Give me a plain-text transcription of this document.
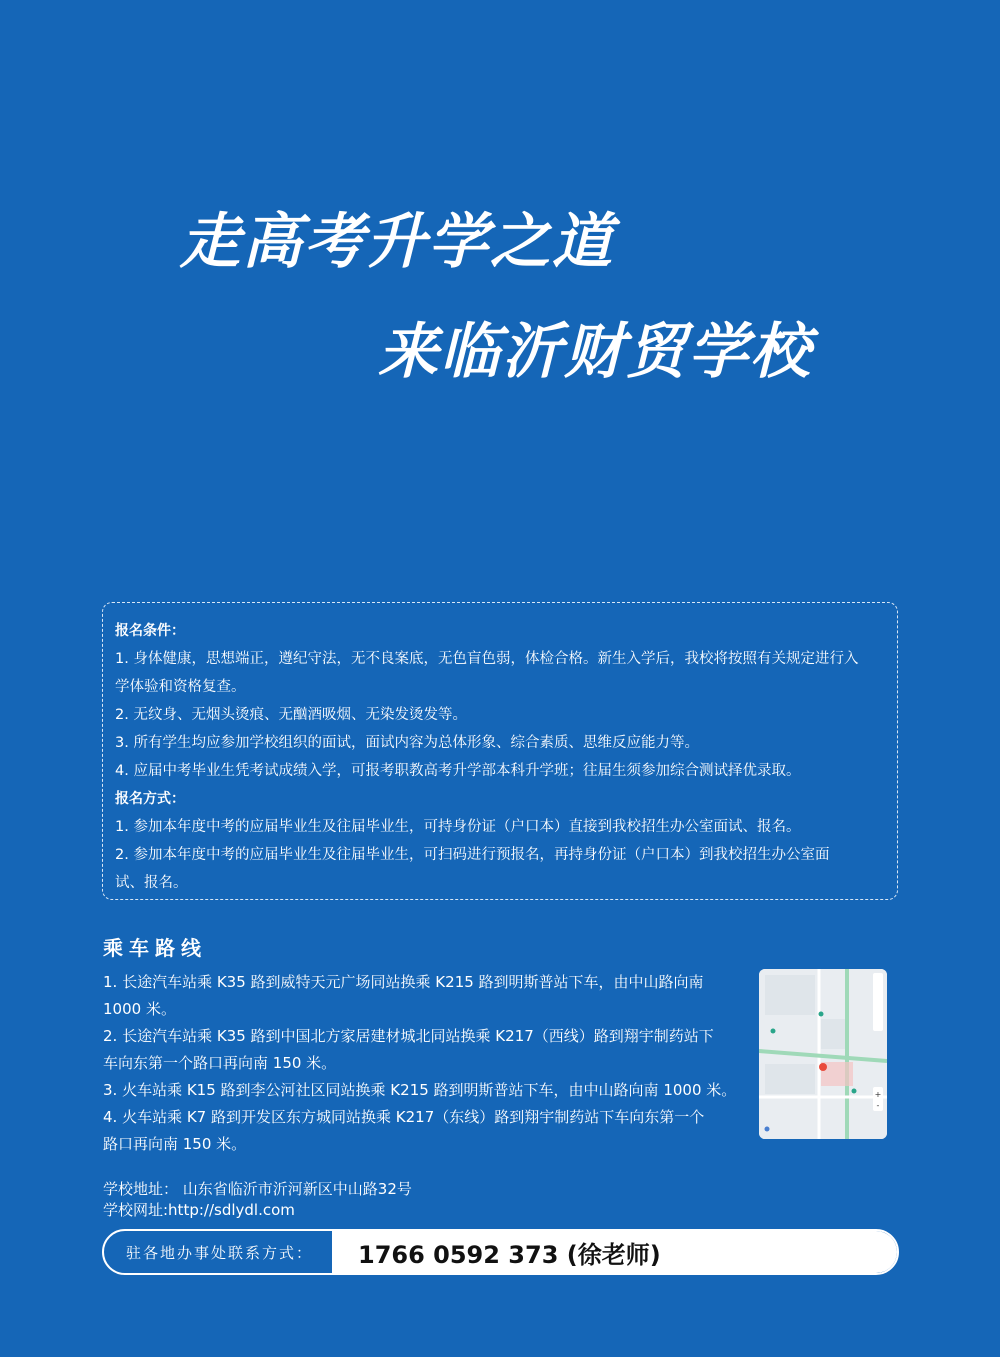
走高考升学之道
来临沂财贸学校
报名条件：
1. 身体健康，思想端正，遵纪守法，无不良案底，无色盲色弱，体检合格。新生入学后，我校将按照有关规定进行入
学体验和资格复查。
2. 无纹身、无烟头烫痕、无酗酒吸烟、无染发烫发等。
3. 所有学生均应参加学校组织的面试，面试内容为总体形象、综合素质、思维反应能力等。
4. 应届中考毕业生凭考试成绩入学，可报考职教高考升学部本科升学班；往届生须参加综合测试择优录取。
报名方式：
1. 参加本年度中考的应届毕业生及往届毕业生，可持身份证（户口本）直接到我校招生办公室面试、报名。
2. 参加本年度中考的应届毕业生及往届毕业生，可扫码进行预报名，再持身份证（户口本）到我校招生办公室面
试、报名。
乘车路线
1. 长途汽车站乘 K35 路到威特天元广场同站换乘 K215 路到明斯普站下车，由中山路向南
1000 米。
2. 长途汽车站乘 K35 路到中国北方家居建材城北同站换乘 K217（西线）路到翔宇制药站下
车向东第一个路口再向南 150 米。
3. 火车站乘 K15 路到李公河社区同站换乘 K215 路到明斯普站下车，由中山路向南 1000 米。
4. 火车站乘 K7 路到开发区东方城同站换乘 K217（东线）路到翔宇制药站下车向东第一个
路口再向南 150 米。
+
-
学校地址： 山东省临沂市沂河新区中山路32号
学校网址:http://sdlydl.com
驻各地办事处联系方式：	1766 0592 373 (徐老师)
